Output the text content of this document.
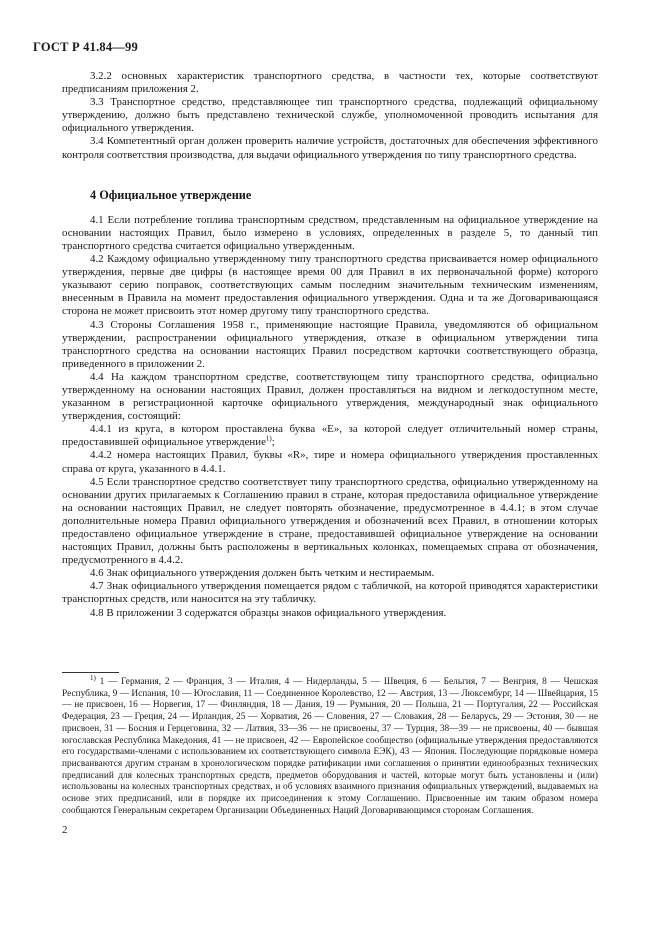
ГОСТ Р 41.84—99

3.2.2 основных характеристик транспортного средства, в частности тех, которые соответствуют предписаниям приложения 2.

3.3 Транспортное средство, представляющее тип транспортного средства, подлежащий официальному утверждению, должно быть представлено технической службе, уполномоченной проводить испытания для официального утверждения.

3.4 Компетентный орган должен проверить наличие устройств, достаточных для обеспечения эффективного контроля соответствия производства, для выдачи официального утверждения по типу транспортного средства.

4 Официальное утверждение

4.1 Если потребление топлива транспортным средством, представленным на официальное утверждение на основании настоящих Правил, было измерено в условиях, определенных в разделе 5, то данный тип транспортного средства считается официально утвержденным.

4.2 Каждому официально утвержденному типу транспортного средства присваивается номер официального утверждения, первые две цифры (в настоящее время 00 для Правил в их первоначальной форме) которого указывают серию поправок, соответствующих самым последним значительным техническим изменениям, внесенным в Правила на момент предоставления официального утверждения. Одна и та же Договаривающаяся сторона не может присвоить этот номер другому типу транспортного средства.

4.3 Стороны Соглашения 1958 г., применяющие настоящие Правила, уведомляются об официальном утверждении, распространении официального утверждения, отказе в официальном утверждении типа транспортного средства на основании настоящих Правил посредством карточки соответствующего образца, приведенного в приложении 2.

4.4 На каждом транспортном средстве, соответствующем типу транспортного средства, официально утвержденному на основании настоящих Правил, должен проставляться на видном и легкодоступном месте, указанном в регистрационной карточке официального утверждения, международный знак официального утверждения, состоящий:

4.4.1 из круга, в котором проставлена буква «Е», за которой следует отличительный номер страны, предоставившей официальное утверждение$^{1)}$;

4.4.2 номера настоящих Правил, буквы «R», тире и номера официального утверждения проставленных справа от круга, указанного в 4.4.1.

4.5 Если транспортное средство соответствует типу транспортного средства, официально утвержденному на основании других прилагаемых к Соглашению правил в стране, которая предоставила официальное утверждение на основании настоящих Правил, не следует повторять обозначение, предусмотренное в 4.4.1; в этом случае дополнительные номера Правил официального утверждения и обозначений всех Правил, в отношении которых предоставлено официальное утверждение в стране, предоставившей официальное утверждение на основании настоящих Правил, должны быть расположены в вертикальных колонках, помещаемых справа от обозначения, предусмотренного в 4.4.2.

4.6 Знак официального утверждения должен быть четким и нестираемым.

4.7 Знак официального утверждения помещается рядом с табличкой, на которой приводятся характеристики транспортных средств, или наносится на эту табличку.

4.8 В приложении 3 содержатся образцы знаков официального утверждения.

$^{1)}$ 1 — Германия, 2 — Франция, 3 — Италия, 4 — Нидерланды, 5 — Швеция, 6 — Бельгия, 7 — Венгрия, 8 — Чешская Республика, 9 — Испания, 10 — Югославия, 11 — Соединенное Королевство, 12 — Австрия, 13 — Люксембург, 14 — Швейцария, 15 — не присвоен, 16 — Норвегия, 17 — Финляндия, 18 — Дания, 19 — Румыния, 20 — Польша, 21 — Португалия, 22 — Российская Федерация, 23 — Греция, 24 — Ирландия, 25 — Хорватия, 26 — Словения, 27 — Словакия, 28 — Беларусь, 29 — Эстония, 30 — не присвоен, 31 — Босния и Герцеговина, 32 — Латвия, 33—36 — не присвоены, 37 — Турция, 38—39 — не присвоены, 40 — бывшая югославская Республика Македония, 41 — не присвоен, 42 — Европейское сообщество (официальные утверждения предоставляются его государствами-членами с использованием их соответствующего символа ЕЭК), 43 — Япония. Последующие порядковые номера присваиваются другим странам в хронологическом порядке ратификации ими соглашения о принятии единообразных технических предписаний для колесных транспортных средств, предметов оборудования и частей, которые могут быть установлены и (или) использованы на колесных транспортных средствах, и об условиях взаимного признания официальных утверждений, выдаваемых на основе этих предписаний, или в порядке их присоединения к этому Соглашению. Присвоенные им таким образом номера сообщаются Генеральным секретарем Организации Объединенных Наций Договаривающимся сторонам Соглашения.

2
